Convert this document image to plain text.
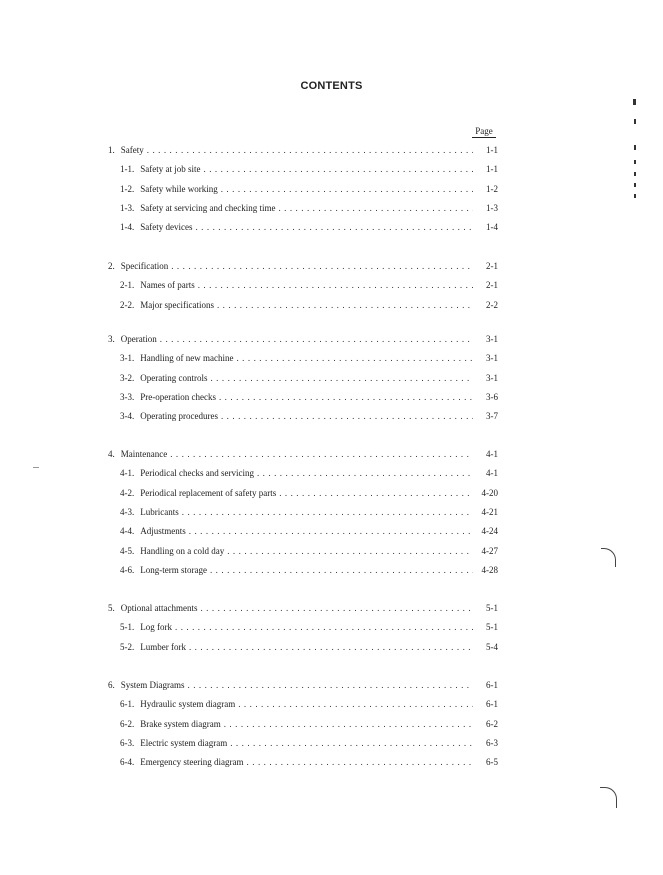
CONTENTS
Page
1. Safety . . .	1-1
1-1. Safety at job site . . .	1-1
1-2. Safety while working . . .	1-2
1-3. Safety at servicing and checking time . . .	1-3
1-4. Safety devices . . .	1-4
2. Specification . . .	2-1
2-1. Names of parts . . .	2-1
2-2. Major specifications . . .	2-2
3. Operation . . .	3-1
3-1. Handling of new machine . . .	3-1
3-2. Operating controls . . .	3-1
3-3. Pre-operation checks . . .	3-6
3-4. Operating procedures . . .	3-7
4. Maintenance . . .	4-1
4-1. Periodical checks and servicing . . .	4-1
4-2. Periodical replacement of safety parts . . .	4-20
4-3. Lubricants . . .	4-21
4-4. Adjustments . . .	4-24
4-5. Handling on a cold day . . .	4-27
4-6. Long-term storage . . .	4-28
5. Optional attachments . . .	5-1
5-1. Log fork . . .	5-1
5-2. Lumber fork . . .	5-4
6. System Diagrams . . .	6-1
6-1. Hydraulic system diagram . . .	6-1
6-2. Brake system diagram . . .	6-2
6-3. Electric system diagram . . .	6-3
6-4. Emergency steering diagram . . .	6-5
